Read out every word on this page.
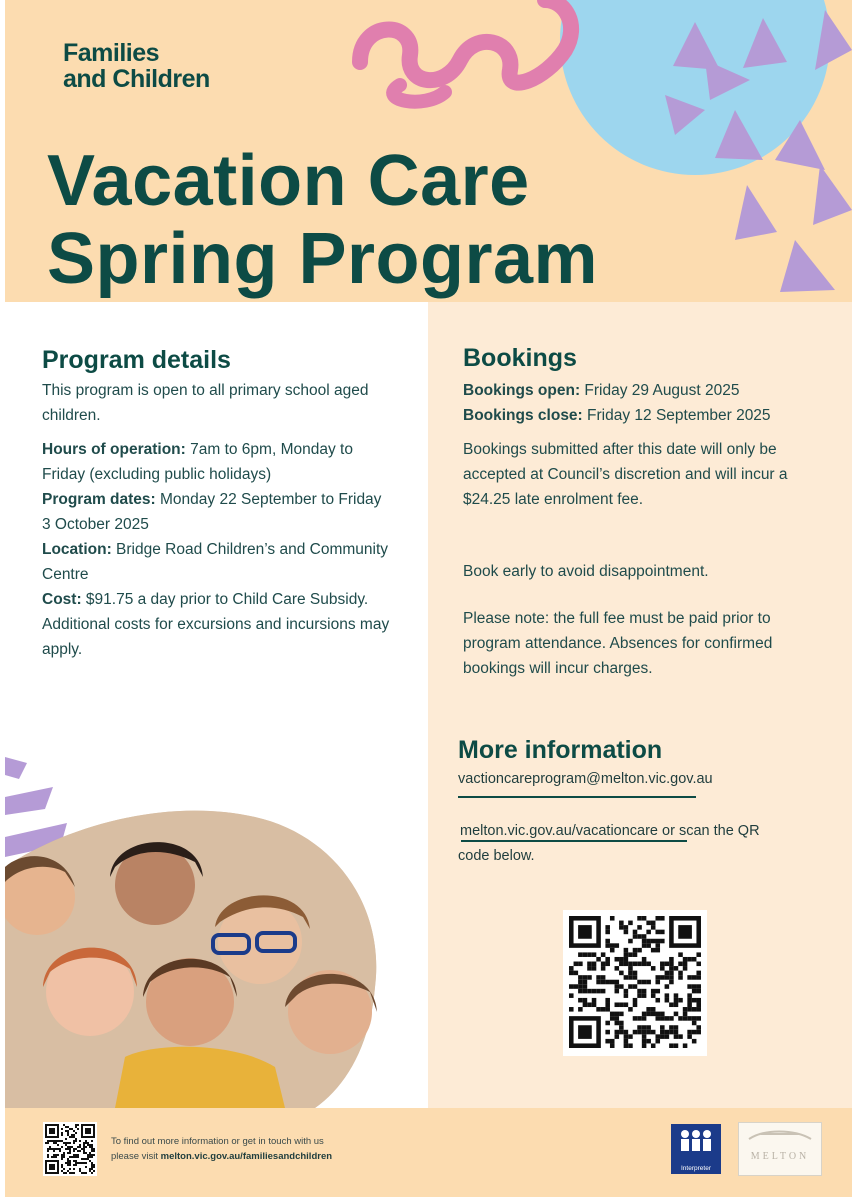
Families
and Children
Vacation Care
Spring Program
Program details

This program is open to all primary school aged children.

Hours of operation: 7am to 6pm, Monday to Friday (excluding public holidays)

Program dates: Monday 22 September to Friday 3 October 2025

Location: Bridge Road Children’s and Community Centre

Cost: $91.75 a day prior to Child Care Subsidy. Additional costs for excursions and incursions may apply.

Bookings

Bookings open: Friday 29 August 2025

Bookings close: Friday 12 September 2025

Bookings submitted after this date will only be accepted at Council’s discretion and will incur a $24.25 late enrolment fee.

Book early to avoid disappointment.

Please note: the full fee must be paid prior to program attendance. Absences for confirmed bookings will incur charges.

More information
vactioncareprogram@melton.vic.gov.au
melton.vic.gov.au/vacationcare or scan the QR code below.
To find out more information or get in touch with us
please visit melton.vic.gov.au/familiesandchildren
Interpreter
MELTON
